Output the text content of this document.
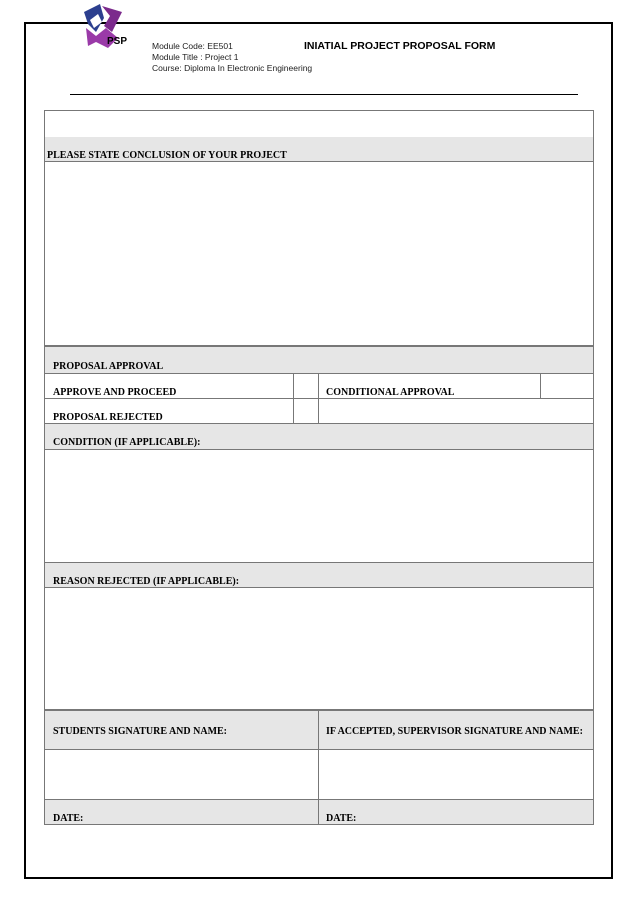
PSP	Module Code: EE501
Module Title : Project 1
Course: Diploma In Electronic Engineering
INIATIAL PROJECT PROPOSAL FORM
PLEASE STATE CONCLUSION OF YOUR PROJECT
PROPOSAL APPROVAL
APPROVE AND PROCEED	CONDITIONAL APPROVAL
PROPOSAL REJECTED
CONDITION (IF APPLICABLE):
REASON REJECTED (IF APPLICABLE):
STUDENTS SIGNATURE AND NAME:	IF ACCEPTED, SUPERVISOR SIGNATURE AND NAME:
DATE:	DATE:
